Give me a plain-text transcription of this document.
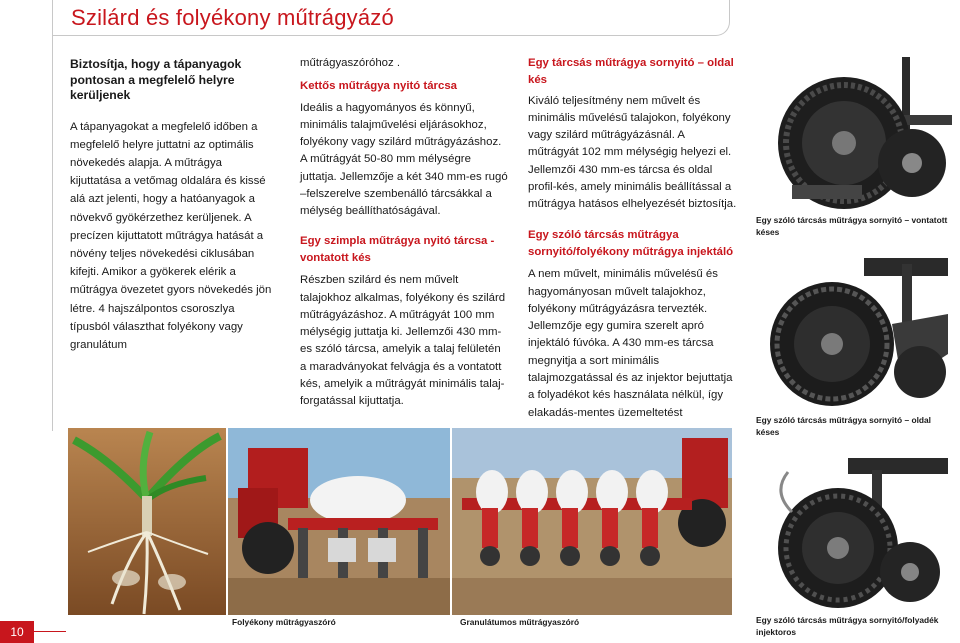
Szilárd és folyékony műtrágyázó

Biztosítja, hogy a tápanyagok pontosan a megfelelő helyre kerüljenek

A tápanyagokat a megfelelő időben a megfelelő helyre juttatni az optimális növekedés alapja. A műtrágya kijuttatása a vetőmag oldalára és kissé alá azt jelenti, hogy a hatóanyagok a növekvő gyökérzethez kerüljenek. A precízen kijuttatott műtrágya hatását a növény teljes növekedési ciklusában kifejti. Amikor a gyökerek elérik a műtrágya övezetet gyors növekedés jön létre. 4 hajszálpontos csoroszlya típusból választhat folyékony vagy granulátum

műtrágyaszóróhoz .

Kettős műtrágya nyitó tárcsa

Ideális a hagyományos és könnyű, minimális talajművelési eljárásokhoz, folyékony vagy szilárd műtrágyázáshoz. A műtrágyát 50-80 mm mélységre juttatja. Jellemzője a két 340 mm-es rugó –felszerelve szembenálló tárcsákkal a mélység beállíthatóságával.

Egy szimpla műtrágya nyitó tárcsa - vontatott kés

Részben szilárd és nem művelt talajokhoz alkalmas, folyékony és szilárd műtrágyázáshoz. A műtrágyát 100 mm mélységig juttatja ki. Jellemzői 430 mm-es szóló tárcsa, amelyik a talaj felületén a maradványokat felvágja és a vontatott kés, amelyik a műtrágyát minimális talaj-forgatással kijuttatja.

Egy tárcsás műtrágya sornyitó – oldal kés

Kiváló teljesítmény nem művelt és minimális művelésű talajokon, folyékony vagy szilárd műtrágyázásnál. A műtrágyát 102 mm mélységig helyezi el. Jellemzői 430 mm-es tárcsa és oldal profil-kés, amely minimális beállítással a műtrágya hatásos elhelyezését biztosítja.

Egy szóló tárcsás műtrágya sornyitó/folyékony műtrágya injektáló

A nem művelt, minimális művelésű és hagyományosan művelt talajokhoz, folyékony műtrágyázásra tervezték. Jellemzője egy gumira szerelt apró injektáló fúvóka. A 430 mm-es tárcsa megnyitja a sort minimális talajmozgatással és az injektor bejuttatja a folyadékot kés használata nélkül, így elakadás-mentes üzemeltetést

Egy szóló tárcsás műtrágya sornyitó – vontatott késes
Egy szóló tárcsás műtrágya sornyitó – oldal késes
Egy szóló tárcsás műtrágya sornyitó/folyadék injektoros
Folyékony műtrágyaszóró	Granulátumos műtrágyaszóró
10
